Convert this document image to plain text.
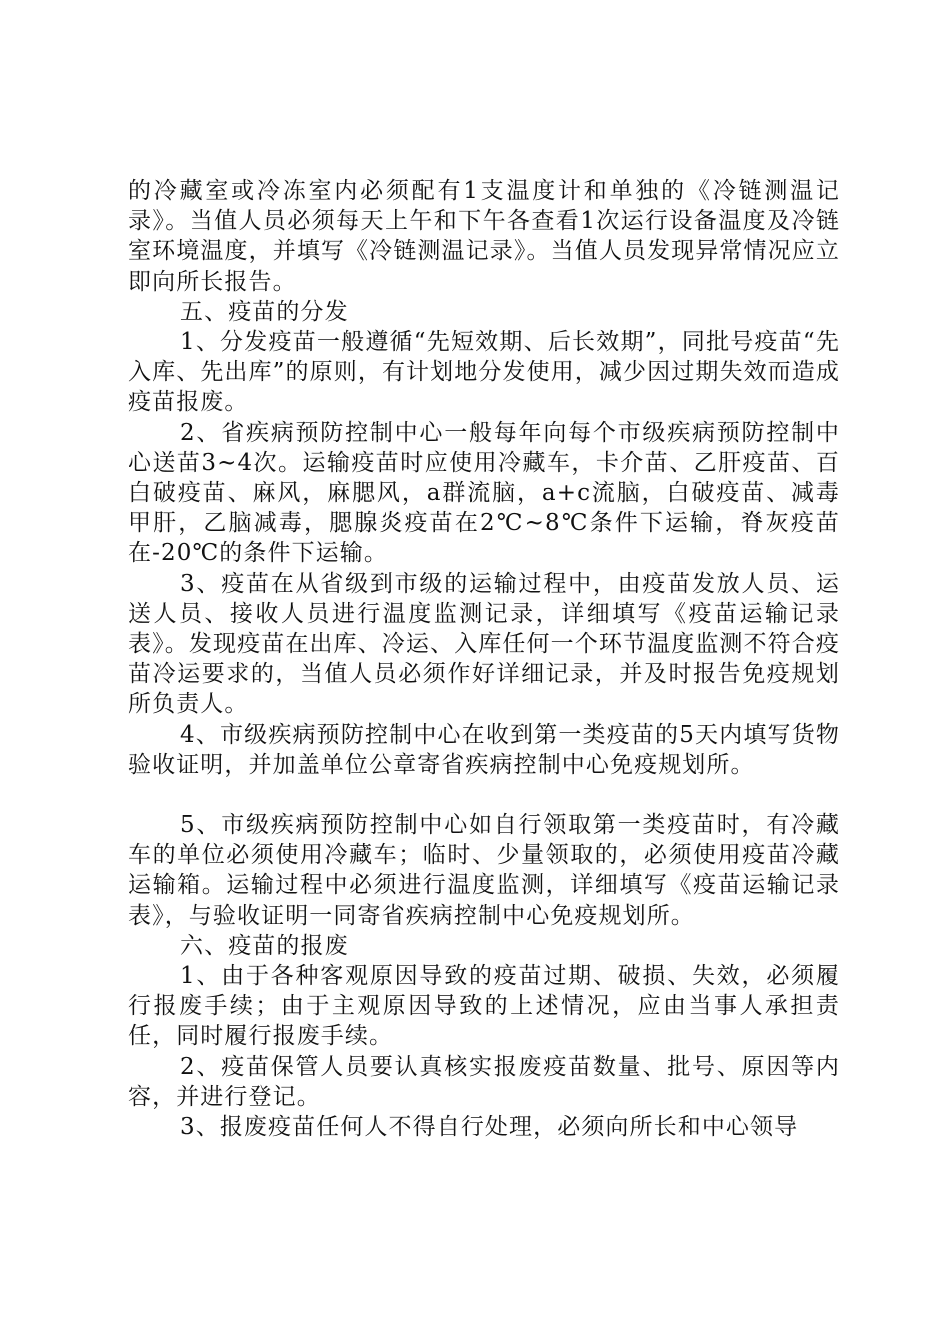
的冷藏室或冷冻室内必须配有1支温度计和单独的《冷链测温记录》。当值人员必须每天上午和下午各查看1次运行设备温度及冷链室环境温度，并填写《冷链测温记录》。当值人员发现异常情况应立即向所长报告。

五、疫苗的分发

1、分发疫苗一般遵循“先短效期、后长效期”，同批号疫苗“先入库、先出库”的原则，有计划地分发使用，减少因过期失效而造成疫苗报废。

2、省疾病预防控制中心一般每年向每个市级疾病预防控制中心送苗3~4次。运输疫苗时应使用冷藏车，卡介苗、乙肝疫苗、百白破疫苗、麻风，麻腮风，a群流脑，a+c流脑，白破疫苗、减毒甲肝，乙脑减毒，腮腺炎疫苗在2℃~8℃条件下运输，脊灰疫苗在-20℃的条件下运输。

3、疫苗在从省级到市级的运输过程中，由疫苗发放人员、运送人员、接收人员进行温度监测记录，详细填写《疫苗运输记录表》。发现疫苗在出库、冷运、入库任何一个环节温度监测不符合疫苗冷运要求的，当值人员必须作好详细记录，并及时报告免疫规划所负责人。

4、市级疾病预防控制中心在收到第一类疫苗的5天内填写货物验收证明，并加盖单位公章寄省疾病控制中心免疫规划所。

5、市级疾病预防控制中心如自行领取第一类疫苗时，有冷藏车的单位必须使用冷藏车；临时、少量领取的，必须使用疫苗冷藏运输箱。运输过程中必须进行温度监测，详细填写《疫苗运输记录表》，与验收证明一同寄省疾病控制中心免疫规划所。

六、疫苗的报废

1、由于各种客观原因导致的疫苗过期、破损、失效，必须履行报废手续；由于主观原因导致的上述情况，应由当事人承担责任，同时履行报废手续。

2、疫苗保管人员要认真核实报废疫苗数量、批号、原因等内容，并进行登记。

3、报废疫苗任何人不得自行处理，必须向所长和中心领导
